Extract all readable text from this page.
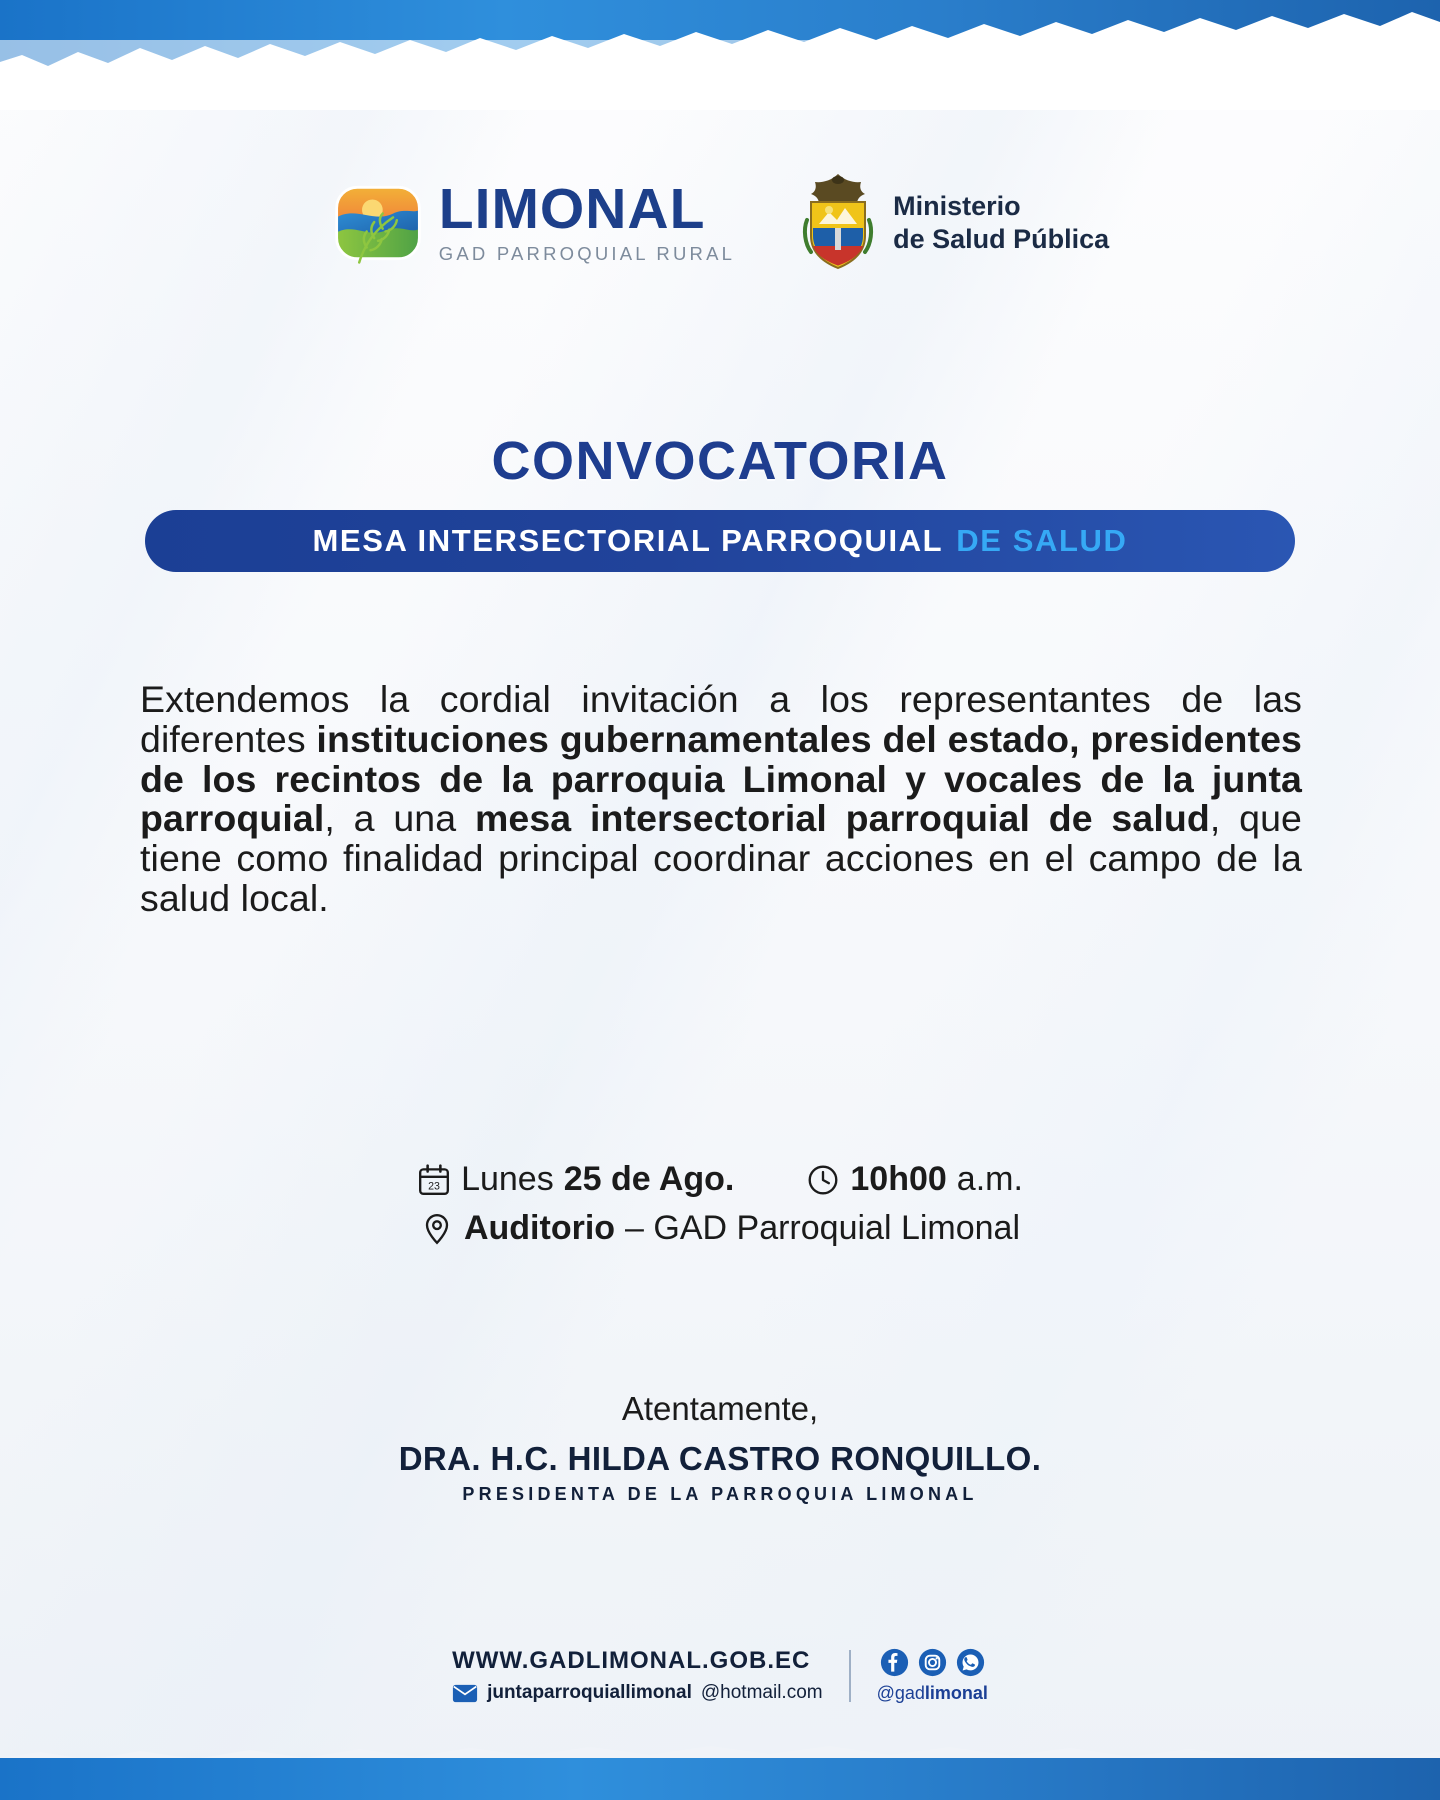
LIMONAL
GAD PARROQUIAL RURAL
Ministerio
de Salud Pública
CONVOCATORIA
MESA INTERSECTORIAL PARROQUIAL DE SALUD
Extendemos la cordial invitación a los representantes de las diferentes instituciones gubernamentales del estado, presidentes de los recintos de la parroquia Limonal y vocales de la junta parroquial, a una mesa intersectorial parroquial de salud, que tiene como finalidad principal coordinar acciones en el campo de la salud local.
23 Lunes 25 de Ago.	10h00 a.m.
Auditorio – GAD Parroquial Limonal
Atentamente,
DRA. H.C. HILDA CASTRO RONQUILLO.
PRESIDENTA DE LA PARROQUIA LIMONAL
WWW.GADLIMONAL.GOB.EC
juntaparroquiallimonal @hotmail.com	@gadlimonal
